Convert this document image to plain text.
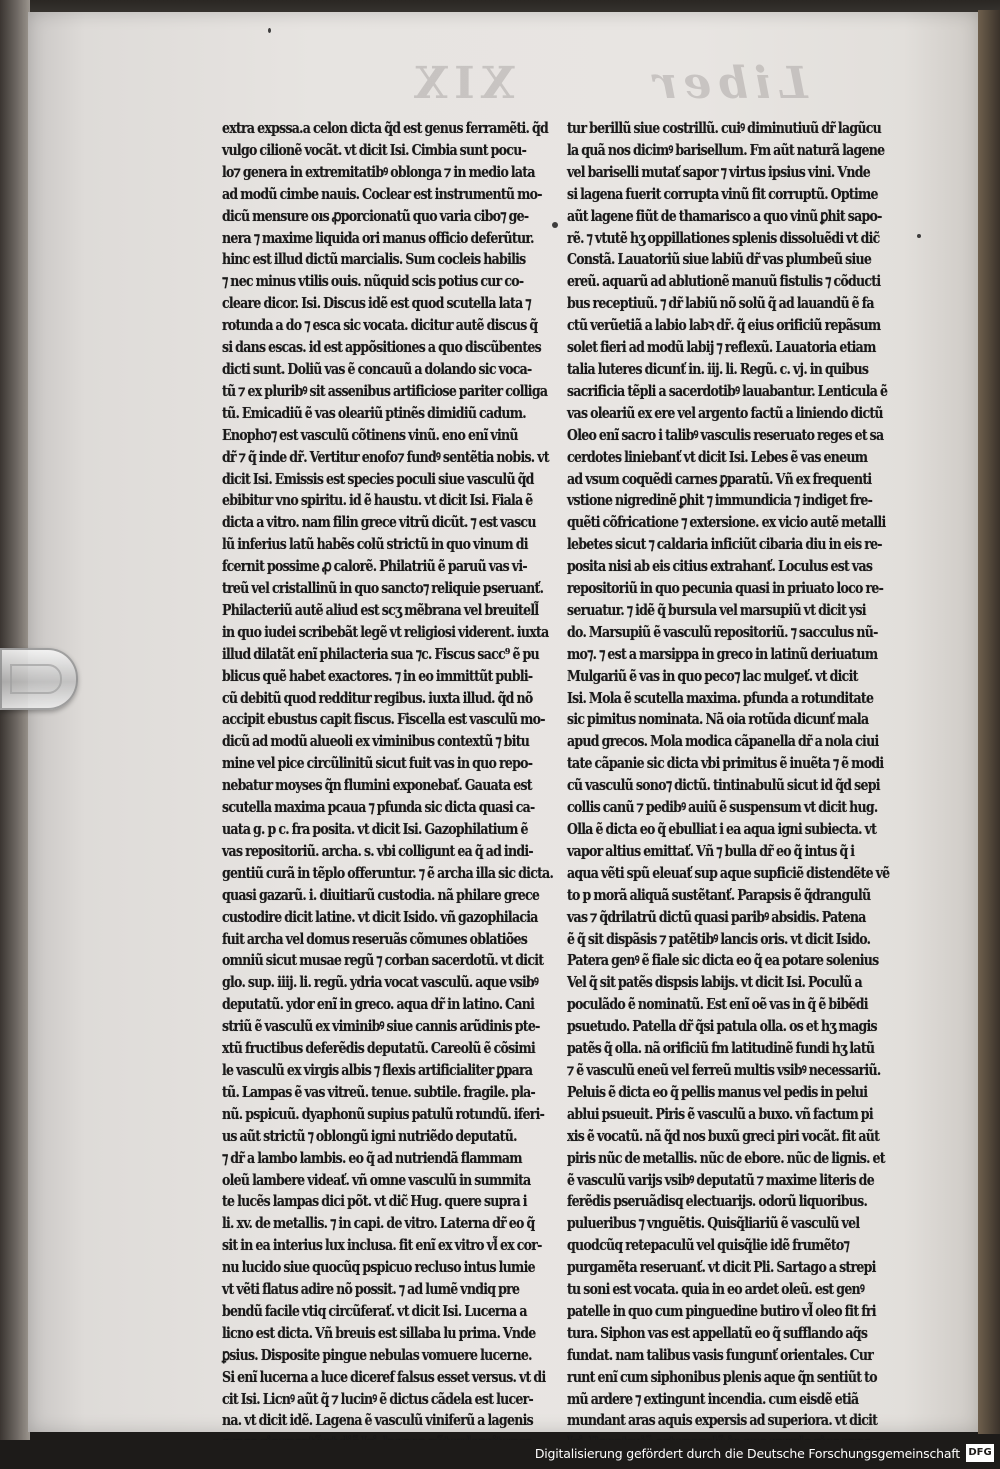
XIX	Liber
extra expssa.a celon dicta q̃d est genus ferramẽti. q̃d
vulgo cilionẽ vocãt. vt dicit Isi. Cimbia sunt pocu-
lo⁊ genera in extremitatibꝰ oblonga ⁊ in medio lata
ad modũ cimbe nauis. Coclear est instrumentũ mo-
dicũ mensure oıs ꝓporcionatũ quo varia cibo⁊ ge-
nera ⁊ maxime liquida ori manus officio deferũtur.
hinc est illud dictũ marcialis. Sum cocleis habilis
⁊ nec minus vtilis ouis. nũquid scis potius cur co-
cleare dicor. Isi. Discus idẽ est quod scutella lata ⁊
rotunda a do ⁊ esca sic vocata. dicitur autẽ discus q̃
si dans escas. id est appõsitiones a quo discũbentes
dicti sunt. Doliũ vas ẽ concauũ a dolando sic voca-
tũ ⁊ ex pluribꝰ sit assenibus artificiose pariter colliga
tũ. Emicadiũ ẽ vas oleariũ ptinẽs dimidiũ cadum.
Enopho⁊ est vasculũ cõtinens vinũ. eno enĩ vinũ
dr̃ ⁊ q̃ inde dr̃. Vertitur enofo⁊ fundꝰ sentẽtia nobis. vt
dicit Isi. Emissis est species poculi siue vasculũ q̃d
ebibitur vno spiritu. id ẽ haustu. vt dicit Isi. Fiala ẽ
dicta a vitro. nam filin grece vitrũ dicũt. ⁊ est vascu
lũ inferius latũ habẽs colũ strictũ in quo vinum di
fcernit possime ꝓ calorẽ. Philatriũ ẽ paruũ vas vi-
treũ vel cristallinũ in quo sancto⁊ reliquie pseruanť.
Philacteriũ autẽ aliud est scʒ mẽbrana vel breuitell̃
in quo iudei scribebãt legẽ vt religiosi viderent. iuxta
illud dilatãt enĩ philacteria sua ⁊c. Fiscus sacc⁹ ẽ pu
blicus quẽ habet exactores. ⁊ in eo immittũt publi-
cũ debitũ quod redditur regibus. iuxta illud. q̃d nõ
accipit ebustus capit fiscus. Fiscella est vasculũ mo-
dicũ ad modũ alueoli ex viminibus contextũ ⁊ bitu
mine vel pice circũlinitũ sicut fuit vas in quo repo-
nebatur moyses q̃n flumini exponebať. Gauata est
scutella maxima pcaua ⁊ pfunda sic dicta quasi ca-
uata g. p c. fra posita. vt dicit Isi. Gazophilatium ẽ
vas repositoriũ. archa. s. vbi colligunt ea q̃ ad indi-
gentiũ curã in tẽplo offeruntur. ⁊ ẽ archa illa sic dicta.
quasi gazarũ. i. diuitiarũ custodia. nã philare grece
custodire dicit latine. vt dicit Isido. vñ gazophilacia
fuit archa vel domus reseruãs cõmunes oblatiões
omniũ sicut musae regũ ⁊ corban sacerdotũ. vt dicit
glo. sup. iiij. li. regũ. ydria vocat vasculũ. aque vsibꝰ
deputatũ. ydor enĩ in greco. aqua dr̃ in latino. Cani
striũ ẽ vasculũ ex viminibꝰ siue cannis arũdinis pte-
xtũ fructibus deferẽdis deputatũ. Careolũ ẽ cõsimi
le vasculũ ex virgis albis ⁊ flexis artificialiter ꝑpara
tũ. Lampas ẽ vas vitreũ. tenue. subtile. fragile. pla-
nũ. pspicuũ. dyaphonũ supius patulũ rotundũ. iferi-
us aũt strictũ ⁊ oblongũ igni nutriẽdo deputatũ.
⁊ dr̃ a lambo lambis. eo q̃ ad nutriendã flammam
oleũ lambere videať. vñ omne vasculũ in summita
te lucẽs lampas dici põt. vt dic̃ Hug. quere supra i
li. xv. de metallis. ⁊ in capi. de vitro. Laterna dr̃ eo q̃
sit in ea interius lux inclusa. fit enĩ ex vitro vl̃ ex cor-
nu lucido siue quocũq pspicuo recluso intus lumie
vt vẽti flatus adire nõ possit. ⁊ ad lumẽ vndiq pre
bendũ facile vtiq circũferať. vt dicit Isi. Lucerna a
licno est dicta. Vñ breuis est sillaba lu prima. Vnde
ꝑsius. Disposite pingue nebulas vomuere lucerne.
Si enĩ lucerna a luce diceref falsus esset versus. vt di
cit Isi. Licnꝰ aũt q̃ ⁊ lucinꝰ ẽ dictus cãdela est lucer-
na. vt dicit idẽ. Lagena ẽ vasculũ viniferũ a lagenis
tur berillũ siue costrillũ. cuiꝰ diminutiuũ dr̃ lagũcu
la quã nos dicimꝰ barisellum. Fm aũt naturã lagene
vel bariselli mutať sapor ⁊ virtus ipsius vini. Vnde
si lagena fuerit corrupta vinũ fit corruptũ. Optime
aũt lagene fiũt de thamarisco a quo vinũ ꝑhit sapo-
rẽ. ⁊ vtutẽ hʒ oppillationes splenis dissoluẽdi vt dic̃
Constã. Lauatoriũ siue labiũ dr̃ vas plumbeũ siue
ereũ. aquarũ ad ablutionẽ manuũ fistulis ⁊ cõducti
bus receptiuũ. ⁊ dr̃ labiũ nõ solũ q̃ ad lauandũ ẽ fa
ctũ verũetiã a labio labꝛ dr̃. q̃ eius orificiũ repãsum
solet fieri ad modũ labij ⁊ reflexũ. Lauatoria etiam
talia luteres dicunť in. iij. li. Regũ. c. vj. in quibus
sacrificia tẽpli a sacerdotibꝰ lauabantur. Lenticula ẽ
vas oleariũ ex ere vel argento factũ a liniendo dictũ
Oleo enĩ sacro i talibꝰ vasculis reseruato reges et sa
cerdotes liniebanť vt dicit Isi. Lebes ẽ vas eneum
ad vsum coquẽdi carnes ꝑparatũ. Vñ ex frequenti
vstione nigredinẽ ꝑhit ⁊ immundicia ⁊ indiget fre-
quẽti cõfricatione ⁊ extersione. ex vicio autẽ metalli
lebetes sicut ⁊ caldaria inficiũt cibaria diu in eis re-
posita nisi ab eis citius extrahanť. Loculus est vas
repositoriũ in quo pecunia quasi in priuato loco re-
seruatur. ⁊ idẽ q̃ bursula vel marsupiũ vt dicit ysi
do. Marsupiũ ẽ vasculũ repositoriũ. ⁊ sacculus nũ-
mo⁊. ⁊ est a marsippa in greco in latinũ deriuatum
Mulgariũ ẽ vas in quo peco⁊ lac mulgeť. vt dicit
Isi. Mola ẽ scutella maxima. pfunda a rotunditate
sic pimitus nominata. Nã oia rotũda dicunť mala
apud grecos. Mola modica cãpanella dr̃ a nola ciui
tate cãpanie sic dicta vbi primitus ẽ inuẽta ⁊ ẽ modi
cũ vasculũ sono⁊ dictũ. tintinabulũ sicut id q̃d sepi
collis canũ ⁊ pedibꝰ auiũ ẽ suspensum vt dicit hug.
Olla ẽ dicta eo q̃ ebulliat i ea aqua igni subiecta. vt
vapor altius emittať. Vñ ⁊ bulla dr̃ eo q̃ intus q̃ i
aqua vẽti spũ eleuať sup aque supficiẽ distendẽte vẽ
to p morã aliquã sustẽtanť. Parapsis ẽ q̃drangulũ
vas ⁊ q̃drilatrũ dictũ quasi paribꝰ absidis. Patena
ẽ q̃ sit dispãsis ⁊ patẽtibꝰ lancis oris. vt dicit Isido.
Patera genꝰ ẽ fiale sic dicta eo q̃ ea potare solenius
Vel q̃ sit patẽs dispsis labijs. vt dicit Isi. Poculũ a
poculãdo ẽ nominatũ. Est enĩ oẽ vas in q̃ ẽ bibẽdi
psuetudo. Patella dr̃ q̃si patula olla. os et hʒ magis
patẽs q̃ olla. nã orificiũ fm latitudinẽ fundi hʒ latũ
⁊ ẽ vasculũ eneũ vel ferreũ multis vsibꝰ necessariũ.
Peluis ẽ dicta eo q̃ pellis manus vel pedis in pelui
ablui psueuit. Piris ẽ vasculũ a buxo. vñ factum pi
xis ẽ vocatũ. nã q̃d nos buxũ greci piri vocãt. fit aũt
piris nũc de metallis. nũc de ebore. nũc de lignis. et
ẽ vasculũ varijs vsibꝰ deputatũ ⁊ maxime literis de
ferẽdis pseruãdisq electuarijs. odorũ liquoribus.
pulueribus ⁊ vnguẽtis. Quisq̃liariũ ẽ vasculũ vel
quodcũq retepaculũ vel quisq̃lie idẽ frumẽto⁊
purgamẽta reseruanť. vt dicit Pli. Sartago a strepi
tu soni est vocata. quia in eo ardet oleũ. est genꝰ
patelle in quo cum pinguedine butiro vl̃ oleo fit fri
tura. Siphon vas est appellatũ eo q̃ sufflando aq̃s
fundat. nam talibus vasis fungunť orientales. Cur
runt enĩ cum siphonibus plenis aque q̃n sentiũt to
mũ ardere ⁊ extingunt incendia. cum eisdẽ etiã
mundant aras aquis expersis ad superiora. vt dicit
Digitalisierung gefördert durch die Deutsche Forschungsgemeinschaft DFG
